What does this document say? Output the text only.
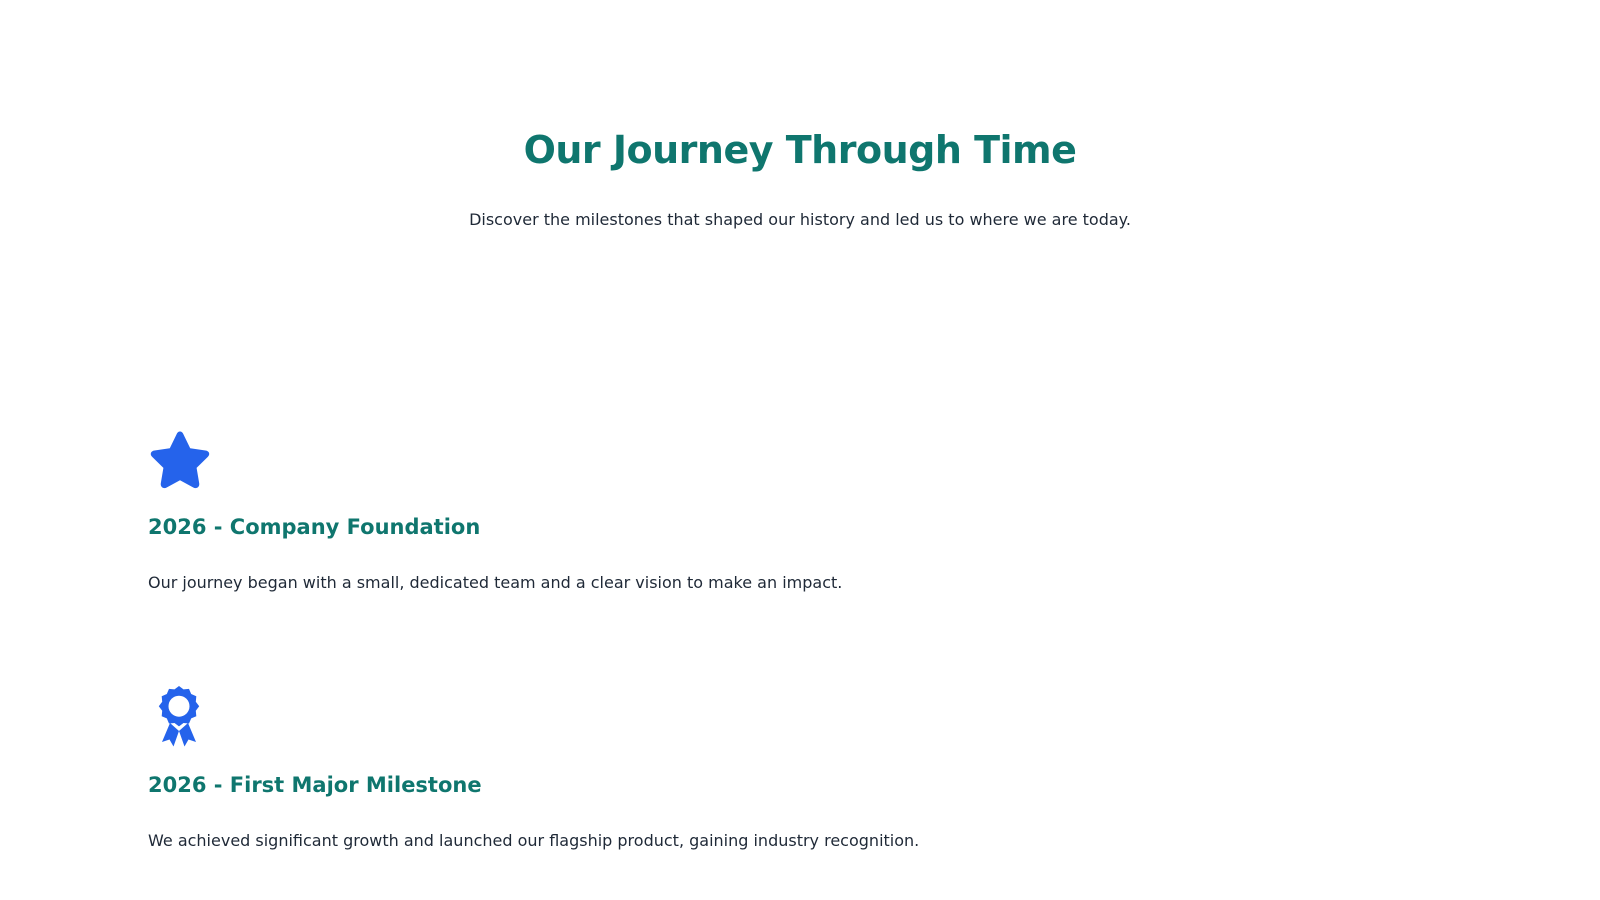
Our Journey Through Time

Discover the milestones that shaped our history and led us to where we are today.

2026 - Company Foundation

Our journey began with a small, dedicated team and a clear vision to make an impact.

2026 - First Major Milestone

We achieved significant growth and launched our flagship product, gaining industry recognition.
